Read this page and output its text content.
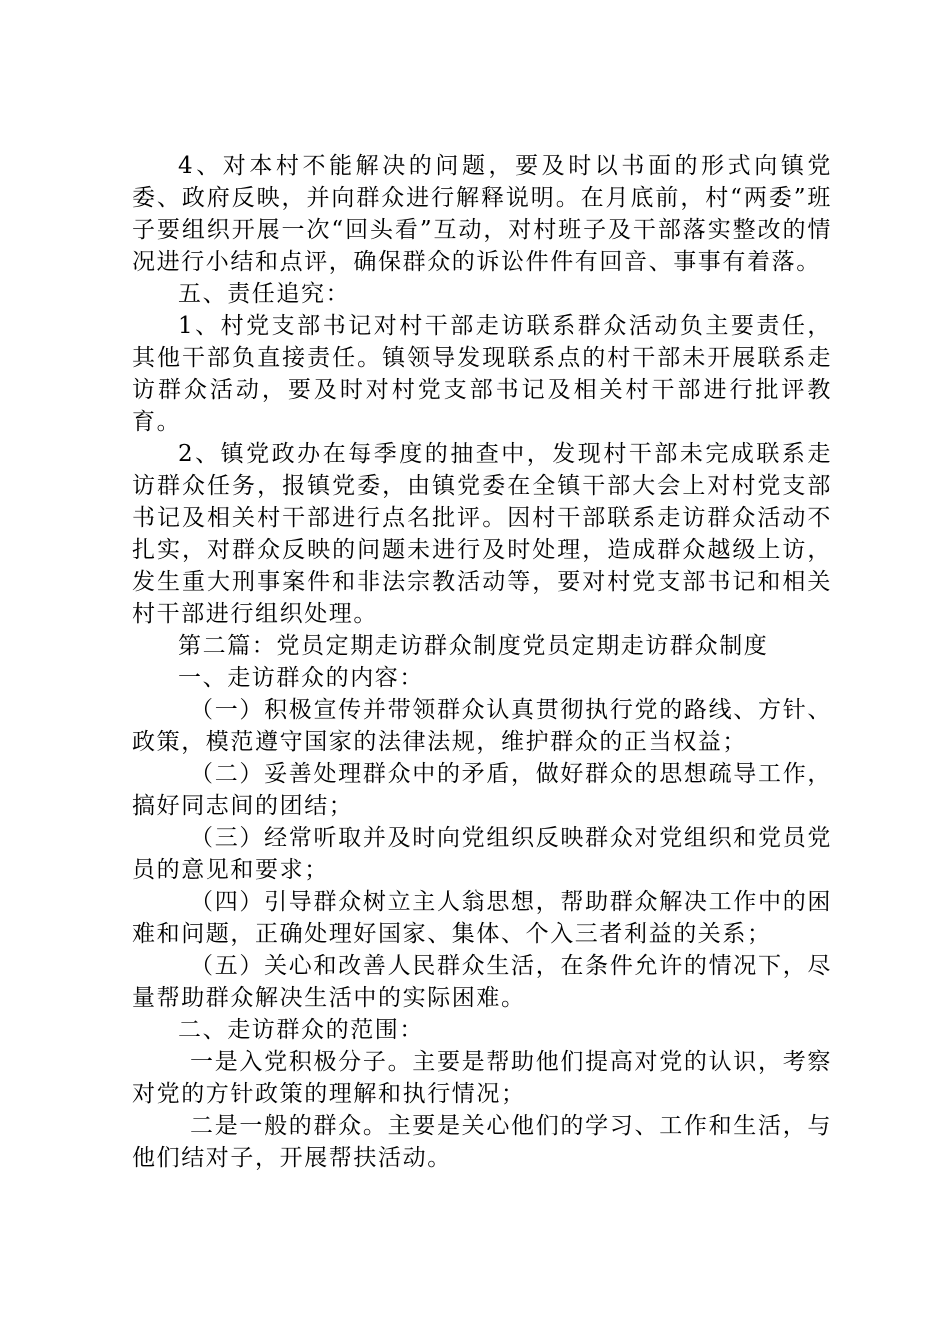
4、对本村不能解决的问题，要及时以书面的形式向镇党委、政府反映，并向群众进行解释说明。在月底前，村“两委”班子要组织开展一次“回头看”互动，对村班子及干部落实整改的情况进行小结和点评，确保群众的诉讼件件有回音、事事有着落。

五、责任追究：

1、村党支部书记对村干部走访联系群众活动负主要责任，其他干部负直接责任。镇领导发现联系点的村干部未开展联系走访群众活动，要及时对村党支部书记及相关村干部进行批评教育。

2、镇党政办在每季度的抽查中，发现村干部未完成联系走访群众任务，报镇党委，由镇党委在全镇干部大会上对村党支部书记及相关村干部进行点名批评。因村干部联系走访群众活动不扎实，对群众反映的问题未进行及时处理，造成群众越级上访，发生重大刑事案件和非法宗教活动等，要对村党支部书记和相关村干部进行组织处理。

第二篇：党员定期走访群众制度党员定期走访群众制度

一、走访群众的内容：

（一）积极宣传并带领群众认真贯彻执行党的路线、方针、政策，模范遵守国家的法律法规，维护群众的正当权益；

（二）妥善处理群众中的矛盾，做好群众的思想疏导工作，搞好同志间的团结；

（三）经常听取并及时向党组织反映群众对党组织和党员党员的意见和要求；

（四）引导群众树立主人翁思想，帮助群众解决工作中的困难和问题，正确处理好国家、集体、个入三者利益的关系；

（五）关心和改善人民群众生活，在条件允许的情况下，尽量帮助群众解决生活中的实际困难。

二、走访群众的范围：

一是入党积极分子。主要是帮助他们提高对党的认识，考察对党的方针政策的理解和执行情况；

二是一般的群众。主要是关心他们的学习、工作和生活，与他们结对子，开展帮扶活动。
